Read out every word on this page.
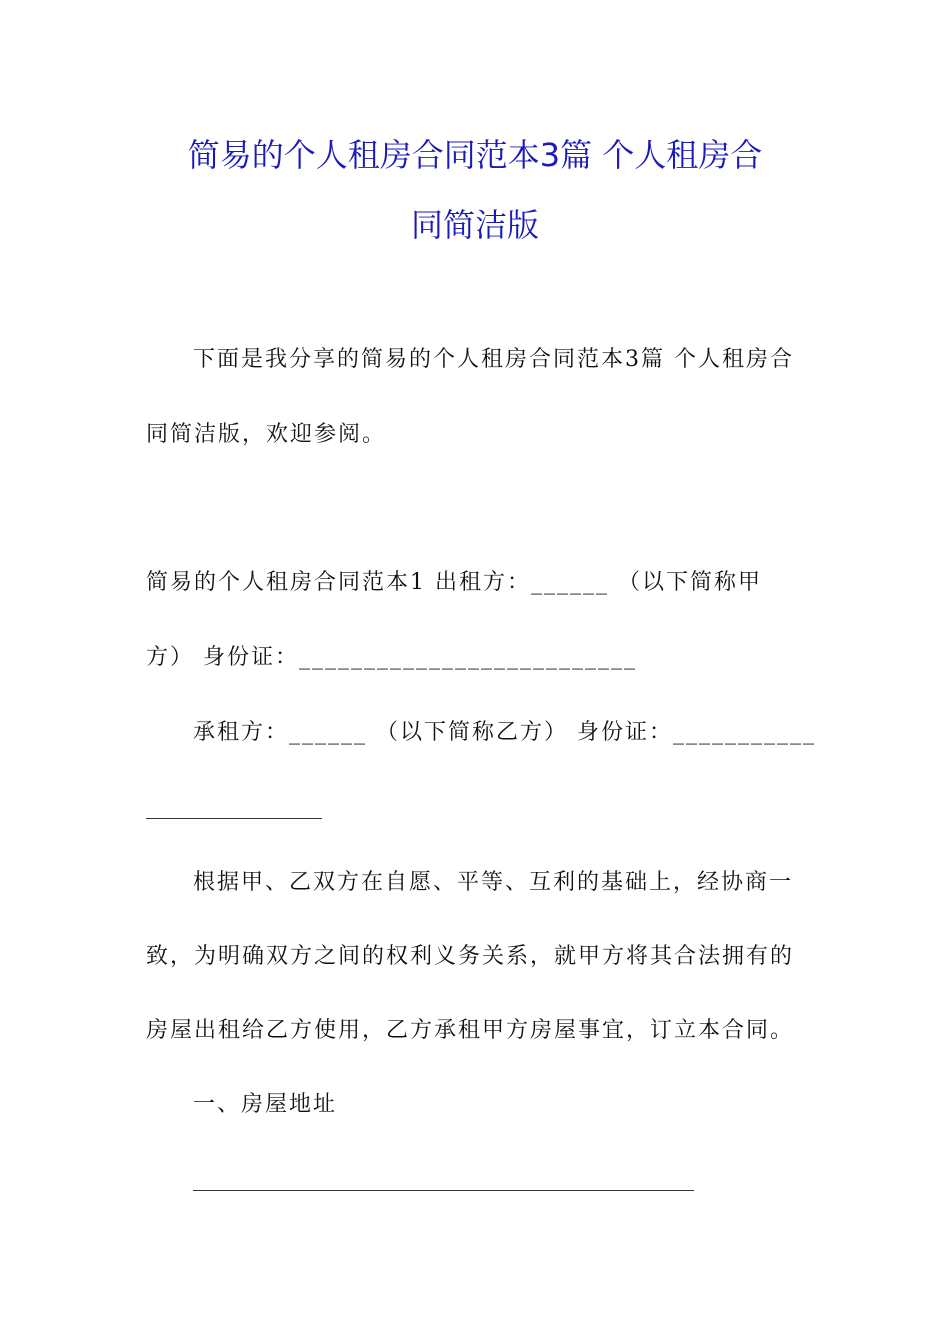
简易的个人租房合同范本3篇 个人租房合
同简洁版
下面是我分享的简易的个人租房合同范本3篇 个人租房合
同简洁版，欢迎参阅。
简易的个人租房合同范本1 出租方：______ （以下简称甲
方） 身份证：__________________________
承租方：______ （以下简称乙方） 身份证：___________
根据甲、乙双方在自愿、平等、互利的基础上，经协商一
致，为明确双方之间的权利义务关系，就甲方将其合法拥有的
房屋出租给乙方使用，乙方承租甲方房屋事宜，订立本合同。
一、房屋地址
